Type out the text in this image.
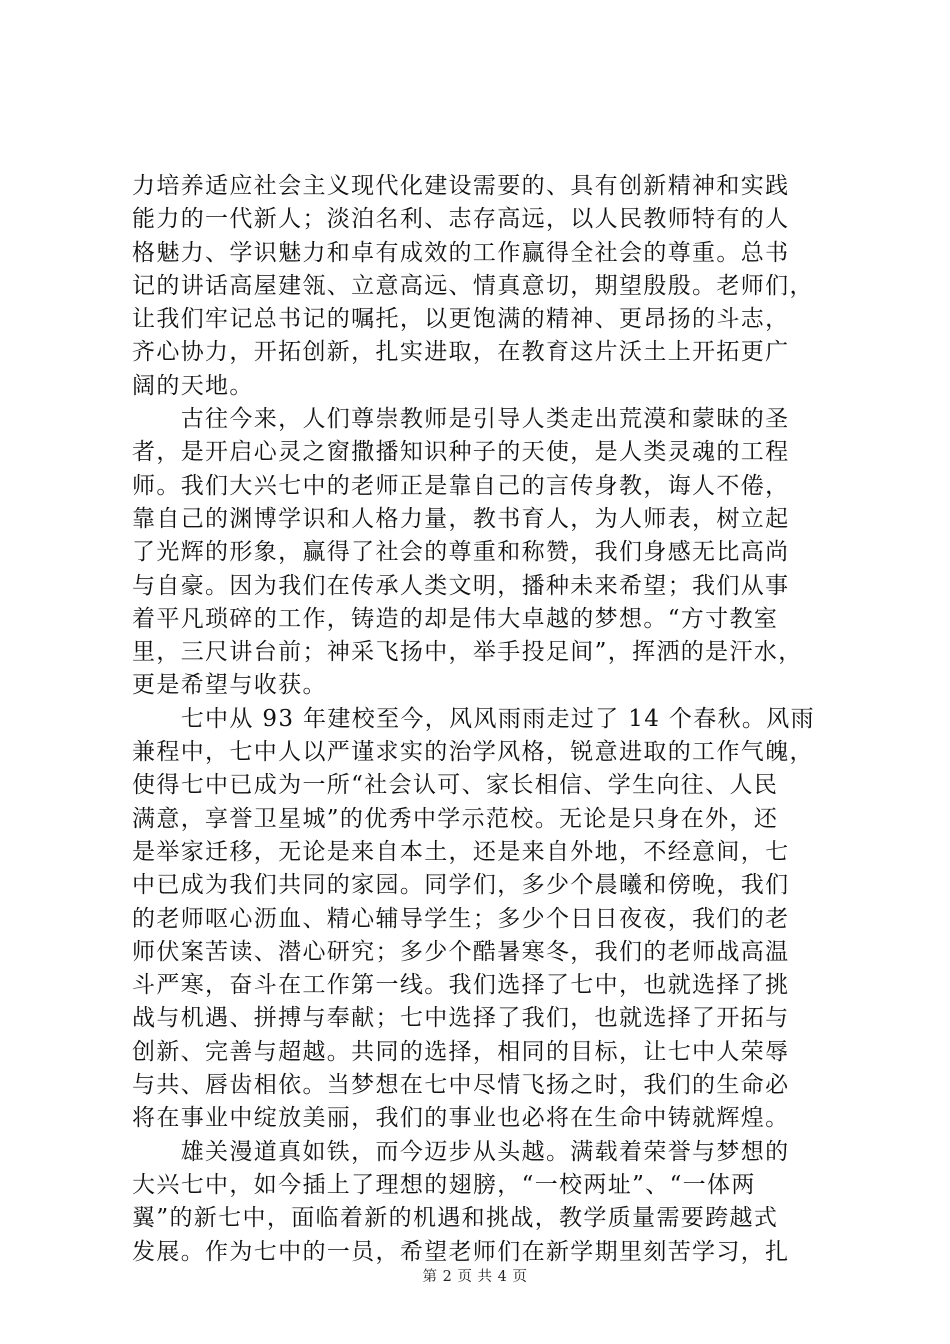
力培养适应社会主义现代化建设需要的、具有创新精神和实践
能力的一代新人；淡泊名利、志存高远，以人民教师特有的人
格魅力、学识魅力和卓有成效的工作赢得全社会的尊重。总书
记的讲话高屋建瓴、立意高远、情真意切，期望殷殷。老师们，
让我们牢记总书记的嘱托，以更饱满的精神、更昂扬的斗志，
齐心协力，开拓创新，扎实进取，在教育这片沃土上开拓更广
阔的天地。
　　古往今来，人们尊崇教师是引导人类走出荒漠和蒙昧的圣
者，是开启心灵之窗撒播知识种子的天使，是人类灵魂的工程
师。我们大兴七中的老师正是靠自己的言传身教，诲人不倦，
靠自己的渊博学识和人格力量，教书育人，为人师表，树立起
了光辉的形象，赢得了社会的尊重和称赞，我们身感无比高尚
与自豪。因为我们在传承人类文明，播种未来希望；我们从事
着平凡琐碎的工作，铸造的却是伟大卓越的梦想。“方寸教室
里，三尺讲台前；神采飞扬中，举手投足间”，挥洒的是汗水，
更是希望与收获。
　　七中从 93 年建校至今，风风雨雨走过了 14 个春秋。风雨
兼程中，七中人以严谨求实的治学风格，锐意进取的工作气魄，
使得七中已成为一所“社会认可、家长相信、学生向往、人民
满意，享誉卫星城”的优秀中学示范校。无论是只身在外，还
是举家迁移，无论是来自本土，还是来自外地，不经意间，七
中已成为我们共同的家园。同学们，多少个晨曦和傍晚，我们
的老师呕心沥血、精心辅导学生；多少个日日夜夜，我们的老
师伏案苦读、潜心研究；多少个酷暑寒冬，我们的老师战高温
斗严寒，奋斗在工作第一线。我们选择了七中，也就选择了挑
战与机遇、拼搏与奉献；七中选择了我们，也就选择了开拓与
创新、完善与超越。共同的选择，相同的目标，让七中人荣辱
与共、唇齿相依。当梦想在七中尽情飞扬之时，我们的生命必
将在事业中绽放美丽，我们的事业也必将在生命中铸就辉煌。
　　雄关漫道真如铁，而今迈步从头越。满载着荣誉与梦想的
大兴七中，如今插上了理想的翅膀，“一校两址”、“一体两
翼”的新七中，面临着新的机遇和挑战，教学质量需要跨越式
发展。作为七中的一员，希望老师们在新学期里刻苦学习，扎
第 2 页 共 4 页
